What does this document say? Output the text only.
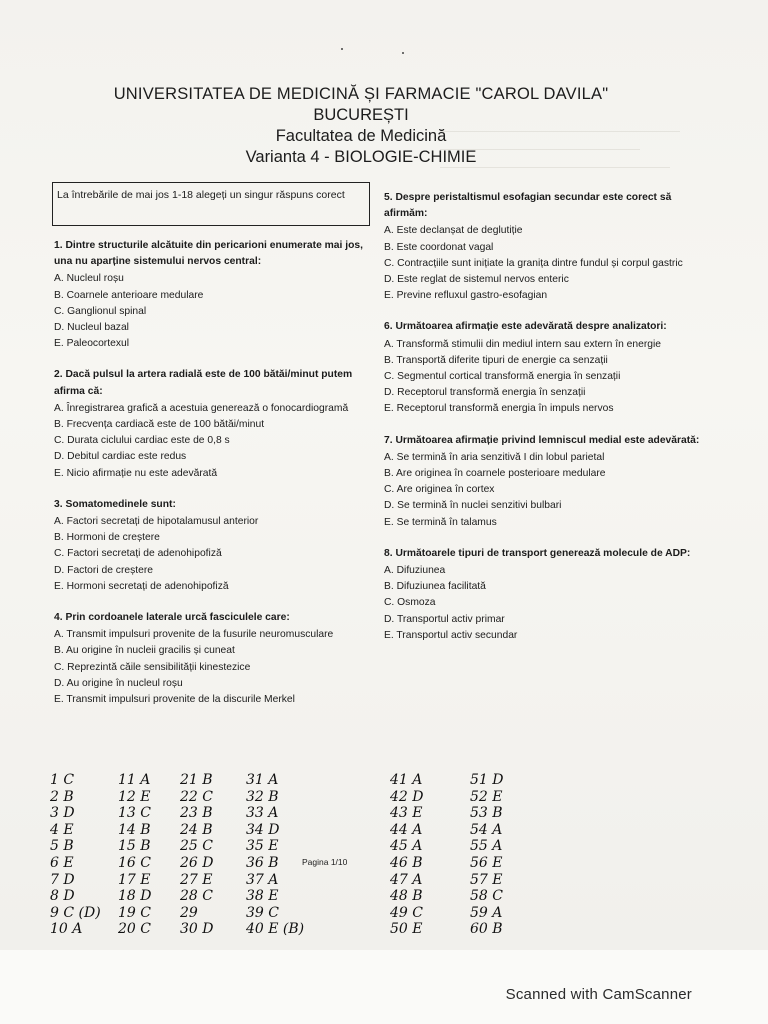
UNIVERSITATEA DE MEDICINĂ ȘI FARMACIE "CAROL DAVILA"
BUCUREȘTI
Facultatea de Medicină
Varianta 4 - BIOLOGIE-CHIMIE
La întrebările de mai jos 1-18 alegeți un singur răspuns corect
1. Dintre structurile alcătuite din pericarioni enumerate mai jos, una nu aparține sistemului nervos central:
A. Nucleul roșu
B. Coarnele anterioare medulare
C. Ganglionul spinal
D. Nucleul bazal
E. Paleocortexul
2. Dacă pulsul la artera radială este de 100 bătăi/minut putem afirma că:
A. Înregistrarea grafică a acestuia generează o fonocardiogramă
B. Frecvența cardiacă este de 100 bătăi/minut
C. Durata ciclului cardiac este de 0,8 s
D. Debitul cardiac este redus
E. Nicio afirmație nu este adevărată
3. Somatomedinele sunt:
A. Factori secretați de hipotalamusul anterior
B. Hormoni de creștere
C. Factori secretați de adenohipofiză
D. Factori de creștere
E. Hormoni secretați de adenohipofiză
4. Prin cordoanele laterale urcă fasciculele care:
A. Transmit impulsuri provenite de la fusurile neuromusculare
B. Au origine în nucleii gracilis și cuneat
C. Reprezintă căile sensibilității kinestezice
D. Au origine în nucleul roșu
E. Transmit impulsuri provenite de la discurile Merkel
5. Despre peristaltismul esofagian secundar este corect să afirmăm:
A. Este declanșat de deglutiție
B. Este coordonat vagal
C. Contracțiile sunt inițiate la granița dintre fundul și corpul gastric
D. Este reglat de sistemul nervos enteric
E. Previne refluxul gastro-esofagian
6. Următoarea afirmație este adevărată despre analizatori:
A. Transformă stimulii din mediul intern sau extern în energie
B. Transportă diferite tipuri de energie ca senzații
C. Segmentul cortical transformă energia în senzații
D. Receptorul transformă energia în senzații
E. Receptorul transformă energia în impuls nervos
7. Următoarea afirmație privind lemniscul medial este adevărată:
A. Se termină în aria senzitivă I din lobul parietal
B. Are originea în coarnele posterioare medulare
C. Are originea în cortex
D. Se termină în nuclei senzitivi bulbari
E. Se termină în talamus
8. Următoarele tipuri de transport generează molecule de ADP:
A. Difuziunea
B. Difuziunea facilitată
C. Osmoza
D. Transportul activ primar
E. Transportul activ secundar
1 C
2 B
3 D
4 E
5 B
6 E
7 D
8 D
9 C (D)
10 A
11 A
12 E
13 C
14 B
15 B
16 C
17 E
18 D
19 C
20 C
21 B
22 C
23 B
24 B
25 C
26 D
27 E
28 C
29
30 D
31 A
32 B
33 A
34 D
35 E
36 B
37 A
38 E
39 C
40 E (B)
41 A
42 D
43 E
44 A
45 A
46 B
47 A
48 B
49 C
50 E
51 D
52 E
53 B
54 A
55 A
56 E
57 E
58 C
59 A
60 B
Pagina 1/10
Scanned with CamScanner
